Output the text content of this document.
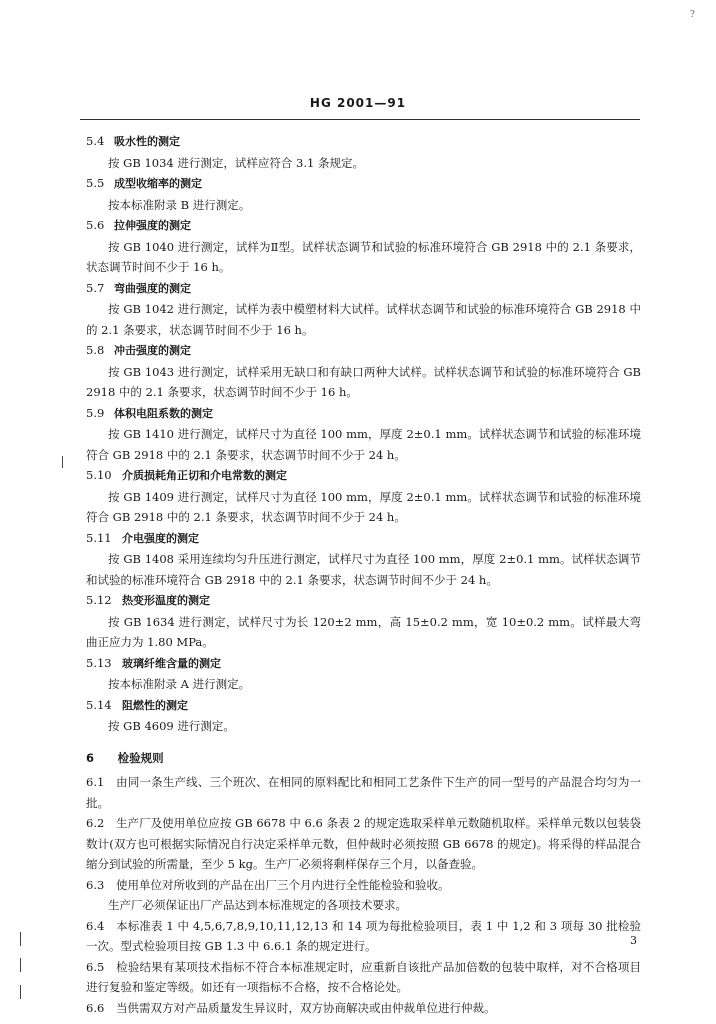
?
HG 2001—91
5.4 吸水性的测定
按 GB 1034 进行测定，试样应符合 3.1 条规定。
5.5 成型收缩率的测定
按本标准附录 B 进行测定。
5.6 拉伸强度的测定
按 GB 1040 进行测定，试样为Ⅱ型。试样状态调节和试验的标准环境符合 GB 2918 中的 2.1 条要求，状态调节时间不少于 16 h。
5.7 弯曲强度的测定
按 GB 1042 进行测定，试样为表中模塑材料大试样。试样状态调节和试验的标准环境符合 GB 2918 中的 2.1 条要求，状态调节时间不少于 16 h。
5.8 冲击强度的测定
按 GB 1043 进行测定，试样采用无缺口和有缺口两种大试样。试样状态调节和试验的标准环境符合 GB 2918 中的 2.1 条要求，状态调节时间不少于 16 h。
5.9 体积电阻系数的测定
按 GB 1410 进行测定，试样尺寸为直径 100 mm，厚度 2±0.1 mm。试样状态调节和试验的标准环境符合 GB 2918 中的 2.1 条要求，状态调节时间不少于 24 h。
5.10 介质损耗角正切和介电常数的测定
按 GB 1409 进行测定，试样尺寸为直径 100 mm，厚度 2±0.1 mm。试样状态调节和试验的标准环境符合 GB 2918 中的 2.1 条要求，状态调节时间不少于 24 h。
5.11 介电强度的测定
按 GB 1408 采用连续均匀升压进行测定，试样尺寸为直径 100 mm，厚度 2±0.1 mm。试样状态调节和试验的标准环境符合 GB 2918 中的 2.1 条要求，状态调节时间不少于 24 h。
5.12 热变形温度的测定
按 GB 1634 进行测定，试样尺寸为长 120±2 mm，高 15±0.2 mm，宽 10±0.2 mm。试样最大弯曲正应力为 1.80 MPa。
5.13 玻璃纤维含量的测定
按本标准附录 A 进行测定。
5.14 阻燃性的测定
按 GB 4609 进行测定。
6 检验规则
6.1 由同一条生产线、三个班次、在相同的原料配比和相同工艺条件下生产的同一型号的产品混合均匀为一批。
6.2 生产厂及使用单位应按 GB 6678 中 6.6 条表 2 的规定选取采样单元数随机取样。采样单元数以包装袋数计(双方也可根据实际情况自行决定采样单元数，但仲裁时必须按照 GB 6678 的规定)。将采得的样品混合缩分到试验的所需量，至少 5 kg。生产厂必须将剩样保存三个月，以备查验。
6.3 使用单位对所收到的产品在出厂三个月内进行全性能检验和验收。
生产厂必须保证出厂产品达到本标准规定的各项技术要求。
6.4 本标准表 1 中 4,5,6,7,8,9,10,11,12,13 和 14 项为每批检验项目，表 1 中 1,2 和 3 项每 30 批检验一次。型式检验项目按 GB 1.3 中 6.6.1 条的规定进行。
6.5 检验结果有某项技术指标不符合本标准规定时，应重新自该批产品加倍数的包装中取样，对不合格项目进行复验和鉴定等级。如还有一项指标不合格，按不合格论处。
6.6 当供需双方对产品质量发生异议时，双方协商解决或由仲裁单位进行仲裁。
3
